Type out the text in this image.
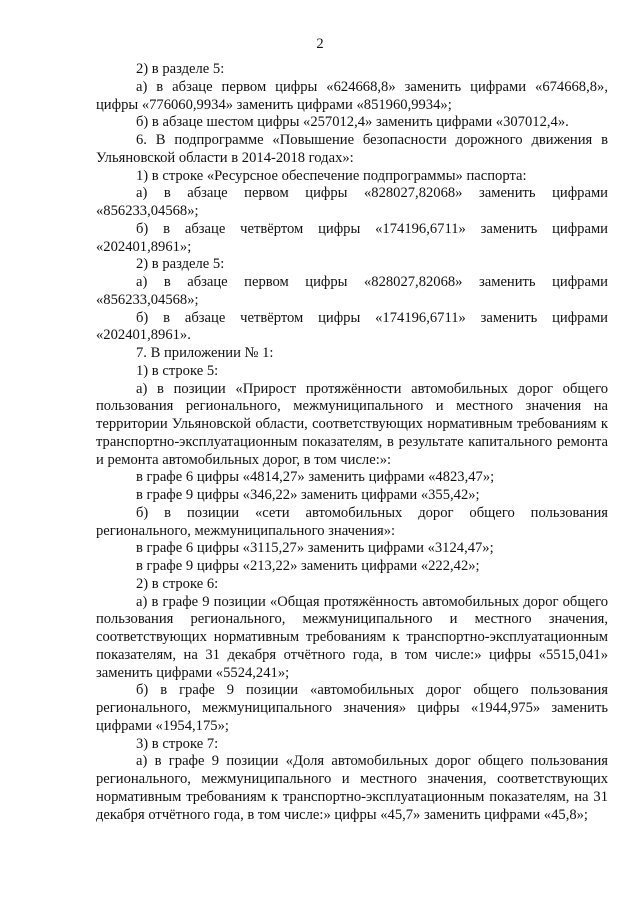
2

2) в разделе 5:

а) в абзаце первом цифры «624668,8» заменить цифрами «674668,8», цифры «776060,9934» заменить цифрами «851960,9934»;

б) в абзаце шестом цифры «257012,4» заменить цифрами «307012,4».

6. В подпрограмме «Повышение безопасности дорожного движения в Ульяновской области в 2014-2018 годах»:

1) в строке «Ресурсное обеспечение подпрограммы» паспорта:

а) в абзаце первом цифры «828027,82068» заменить цифрами «856233,04568»;

б) в абзаце четвёртом цифры «174196,6711» заменить цифрами «202401,8961»;

2) в разделе 5:

а) в абзаце первом цифры «828027,82068» заменить цифрами «856233,04568»;

б) в абзаце четвёртом цифры «174196,6711» заменить цифрами «202401,8961».

7. В приложении № 1:

1) в строке 5:

а) в позиции «Прирост протяжённости автомобильных дорог общего пользования регионального, межмуниципального и местного значения на территории Ульяновской области, соответствующих нормативным требованиям к транспортно-эксплуатационным показателям, в результате капитального ремонта и ремонта автомобильных дорог, в том числе:»:

в графе 6 цифры «4814,27» заменить цифрами «4823,47»;

в графе 9 цифры «346,22» заменить цифрами «355,42»;

б) в позиции «сети автомобильных дорог общего пользования регионального, межмуниципального значения»:

в графе 6 цифры «3115,27» заменить цифрами «3124,47»;

в графе 9 цифры «213,22» заменить цифрами «222,42»;

2) в строке 6:

а) в графе 9 позиции «Общая протяжённость автомобильных дорог общего пользования регионального, межмуниципального и местного значения, соответствующих нормативным требованиям к транспортно-эксплуатационным показателям, на 31 декабря отчётного года, в том числе:» цифры «5515,041» заменить цифрами «5524,241»;

б) в графе 9 позиции «автомобильных дорог общего пользования регионального, межмуниципального значения» цифры «1944,975» заменить цифрами «1954,175»;

3) в строке 7:

а) в графе 9 позиции «Доля автомобильных дорог общего пользования регионального, межмуниципального и местного значения, соответствующих нормативным требованиям к транспортно-эксплуатационным показателям, на 31 декабря отчётного года, в том числе:» цифры «45,7» заменить цифрами «45,8»;
